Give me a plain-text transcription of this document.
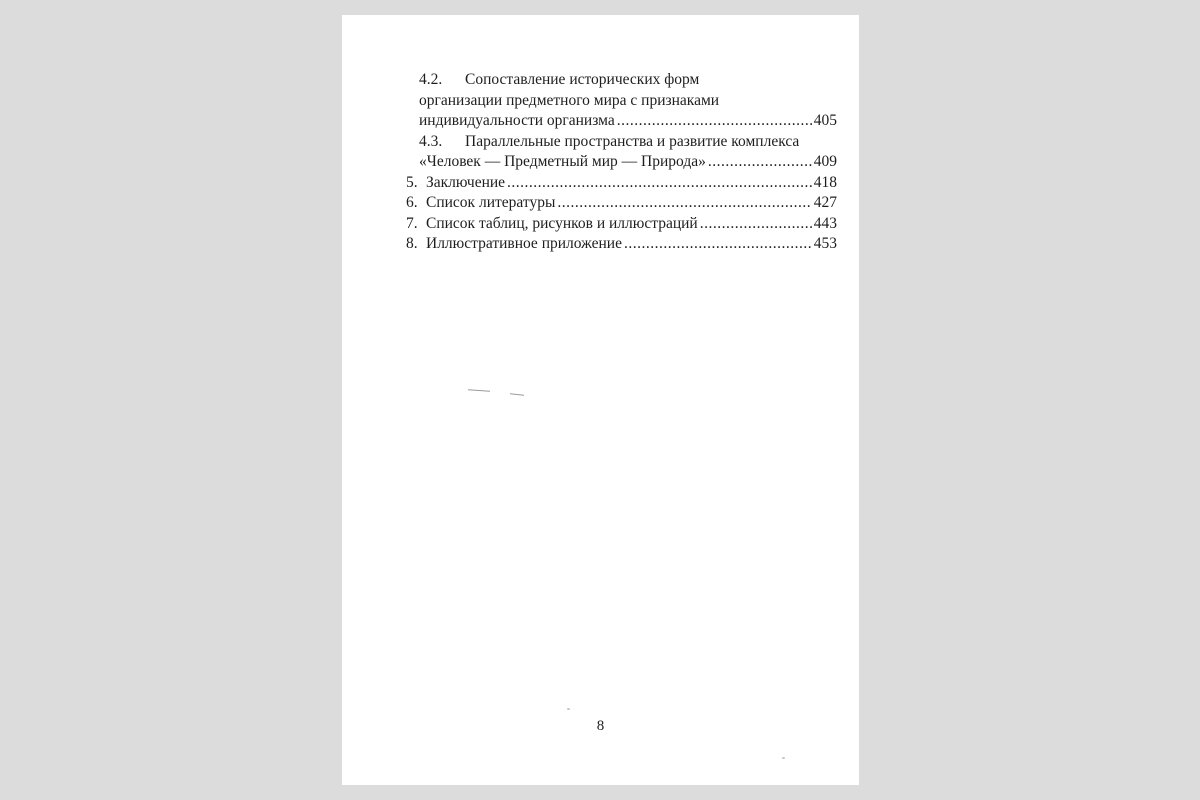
4.2.	Сопоставление исторических форм
организации предметного мира с признаками
индивидуальности организма .....	405
4.3.	Параллельные пространства и развитие комплекса
«Человек — Предметный мир — Природа» .....	409
5. Заключение .....	418
6. Список литературы .....	427
7. Список таблиц, рисунков и иллюстраций .....	443
8. Иллюстративное приложение .....	453
8
